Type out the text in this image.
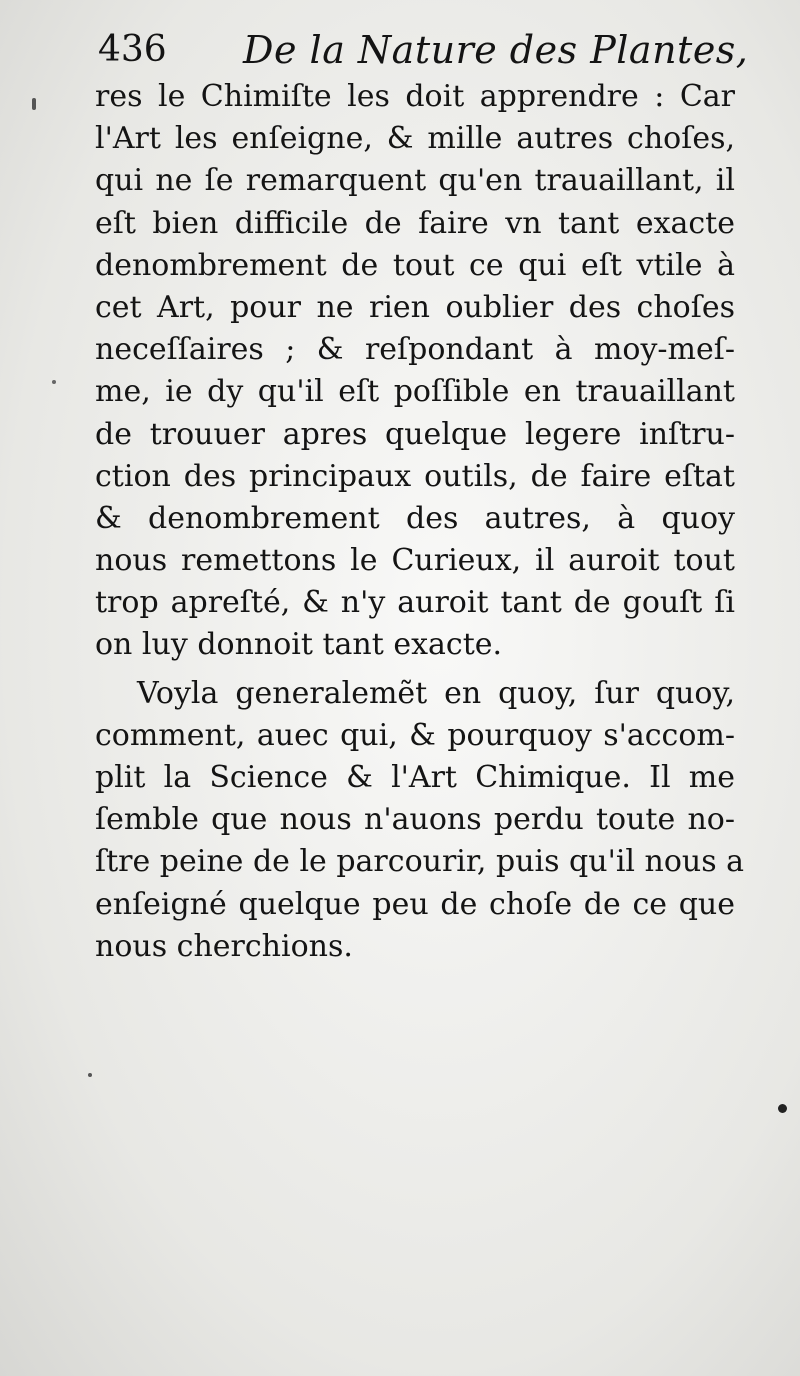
436 De la Nature des Plantes,
res le Chimiſte les doit apprendre : Car
l'Art les enſeigne, & mille autres choſes,
qui ne ſe remarquent qu'en trauaillant, il
eſt bien difficile de faire vn tant exacte
denombrement de tout ce qui eſt vtile à
cet Art, pour ne rien oublier des choſes
neceſſaires ; & reſpondant à moy-meſ-
me, ie dy qu'il eſt poſſible en trauaillant
de trouuer apres quelque legere inſtru-
ction des principaux outils, de faire eſtat
& denombrement des autres, à quoy
nous remettons le Curieux, il auroit tout
trop apreſté, & n'y auroit tant de gouſt ſi
on luy donnoit tant exacte.
Voyla generalemẽt en quoy, ſur quoy,
comment, auec qui, & pourquoy s'accom-
plit la Science & l'Art Chimique. Il me
ſemble que nous n'auons perdu toute no-
ſtre peine de le parcourir, puis qu'il nous a
enſeigné quelque peu de choſe de ce que
nous cherchions.
